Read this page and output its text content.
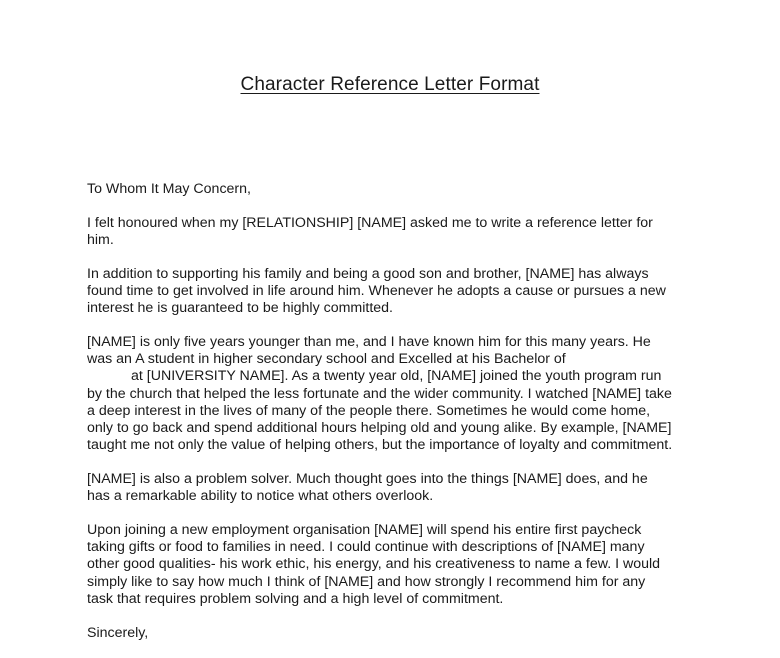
Character Reference Letter Format

To Whom It May Concern,

I felt honoured when my [RELATIONSHIP] [NAME] asked me to write a reference letter for
him.

In addition to supporting his family and being a good son and brother, [NAME] has always
found time to get involved in life around him. Whenever he adopts a cause or pursues a new
interest he is guaranteed to be highly committed.

[NAME] is only five years younger than me, and I have known him for this many years. He
was an A student in higher secondary school and Excelled at his Bachelor of
at [UNIVERSITY NAME]. As a twenty year old, [NAME] joined the youth program run
by the church that helped the less fortunate and the wider community. I watched [NAME] take
a deep interest in the lives of many of the people there. Sometimes he would come home,
only to go back and spend additional hours helping old and young alike. By example, [NAME]
taught me not only the value of helping others, but the importance of loyalty and commitment.

[NAME] is also a problem solver. Much thought goes into the things [NAME] does, and he
has a remarkable ability to notice what others overlook.

Upon joining a new employment organisation [NAME] will spend his entire first paycheck
taking gifts or food to families in need. I could continue with descriptions of [NAME] many
other good qualities- his work ethic, his energy, and his creativeness to name a few. I would
simply like to say how much I think of [NAME] and how strongly I recommend him for any
task that requires problem solving and a high level of commitment.

Sincerely,
